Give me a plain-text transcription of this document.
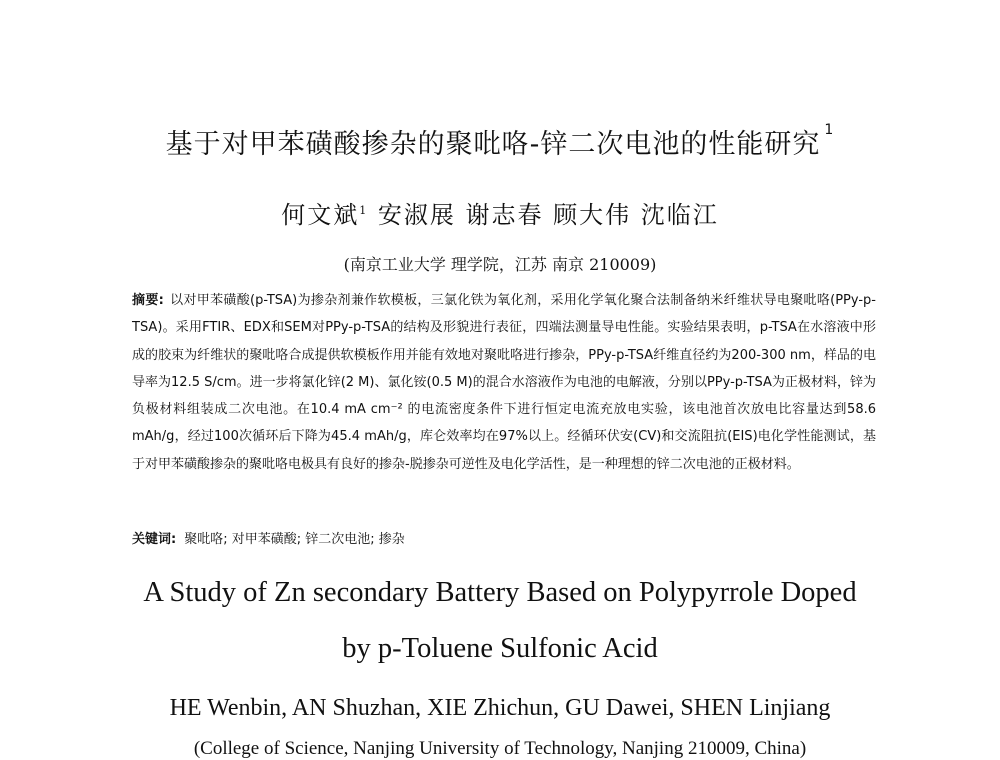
基于对甲苯磺酸掺杂的聚吡咯-锌二次电池的性能研究 $^1$
何文斌$^1$ 安淑展 谢志春 顾大伟 沈临江
(南京工业大学 理学院，江苏 南京 210009)
摘要: 以对甲苯磺酸(p-TSA)为掺杂剂兼作软模板，三氯化铁为氧化剂，采用化学氧化聚合法制备纳米纤维状导电聚吡咯(PPy-p-TSA)。采用FTIR、EDX和SEM对PPy-p-TSA的结构及形貌进行表征，四端法测量导电性能。实验结果表明，p-TSA在水溶液中形成的胶束为纤维状的聚吡咯合成提供软模板作用并能有效地对聚吡咯进行掺杂，PPy-p-TSA纤维直径约为200-300 nm，样品的电导率为12.5 S/cm。进一步将氯化锌(2 M)、氯化铵(0.5 M)的混合水溶液作为电池的电解液，分别以PPy-p-TSA为正极材料，锌为负极材料组装成二次电池。在10.4 mA cm⁻² 的电流密度条件下进行恒定电流充放电实验，该电池首次放电比容量达到58.6 mAh/g，经过100次循环后下降为45.4 mAh/g，库仑效率均在97%以上。经循环伏安(CV)和交流阻抗(EIS)电化学性能测试，基于对甲苯磺酸掺杂的聚吡咯电极具有良好的掺杂-脱掺杂可逆性及电化学活性，是一种理想的锌二次电池的正极材料。
关键词: 聚吡咯; 对甲苯磺酸; 锌二次电池; 掺杂
A Study of Zn secondary Battery Based on Polypyrrole Doped
by p-Toluene Sulfonic Acid
HE Wenbin, AN Shuzhan, XIE Zhichun, GU Dawei, SHEN Linjiang
(College of Science, Nanjing University of Technology, Nanjing 210009, China)
